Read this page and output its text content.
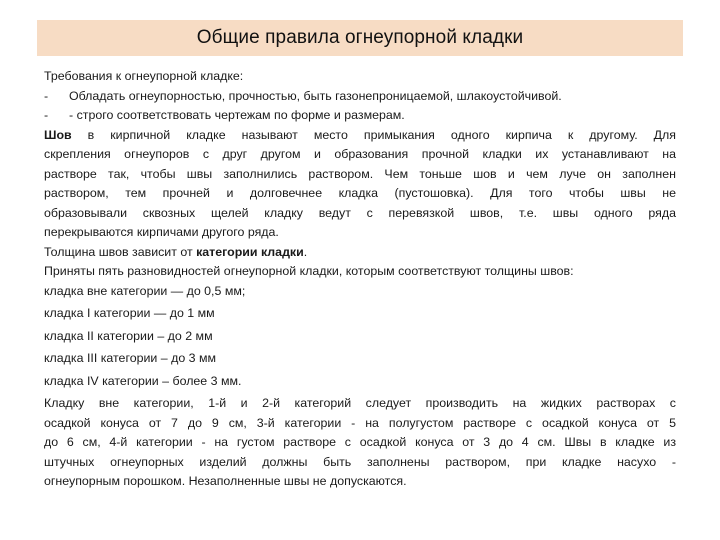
Общие правила огнеупорной кладки
Требования к огнеупорной кладке:
-	Обладать огнеупорностью, прочностью, быть газонепроницаемой, шлакоустойчивой.
-	- строго соответствовать чертежам по форме и размерам.
Шов в кирпичной кладке называют место примыкания одного кирпича к другому. Для
скрепления огнеупоров с друг другом и образования прочной кладки их устанавливают на
растворе так, чтобы швы заполнились раствором. Чем тоньше шов и чем луче он заполнен
раствором, тем прочней и долговечнее кладка (пустошовка). Для того чтобы швы не
образовывали сквозных щелей кладку ведут с перевязкой швов, т.е. швы одного ряда
перекрываются кирпичами другого ряда.
Толщина швов зависит от категории кладки.
Приняты пять разновидностей огнеупорной кладки, которым соответствуют толщины швов:
кладка вне категории — до 0,5 мм;
кладка I категории — до 1 мм
кладка II категории – до 2 мм
кладка III категории – до 3 мм
кладка IV категории – более 3 мм.
Кладку вне категории, 1-й и 2-й категорий следует производить на жидких растворах с
осадкой конуса от 7 до 9 см, 3-й категории - на полугустом растворе с осадкой конуса от 5
до 6 см, 4-й категории - на густом растворе с осадкой конуса от 3 до 4 см. Швы в кладке из
штучных огнеупорных изделий должны быть заполнены раствором, при кладке насухо -
огнеупорным порошком. Незаполненные швы не допускаются.
